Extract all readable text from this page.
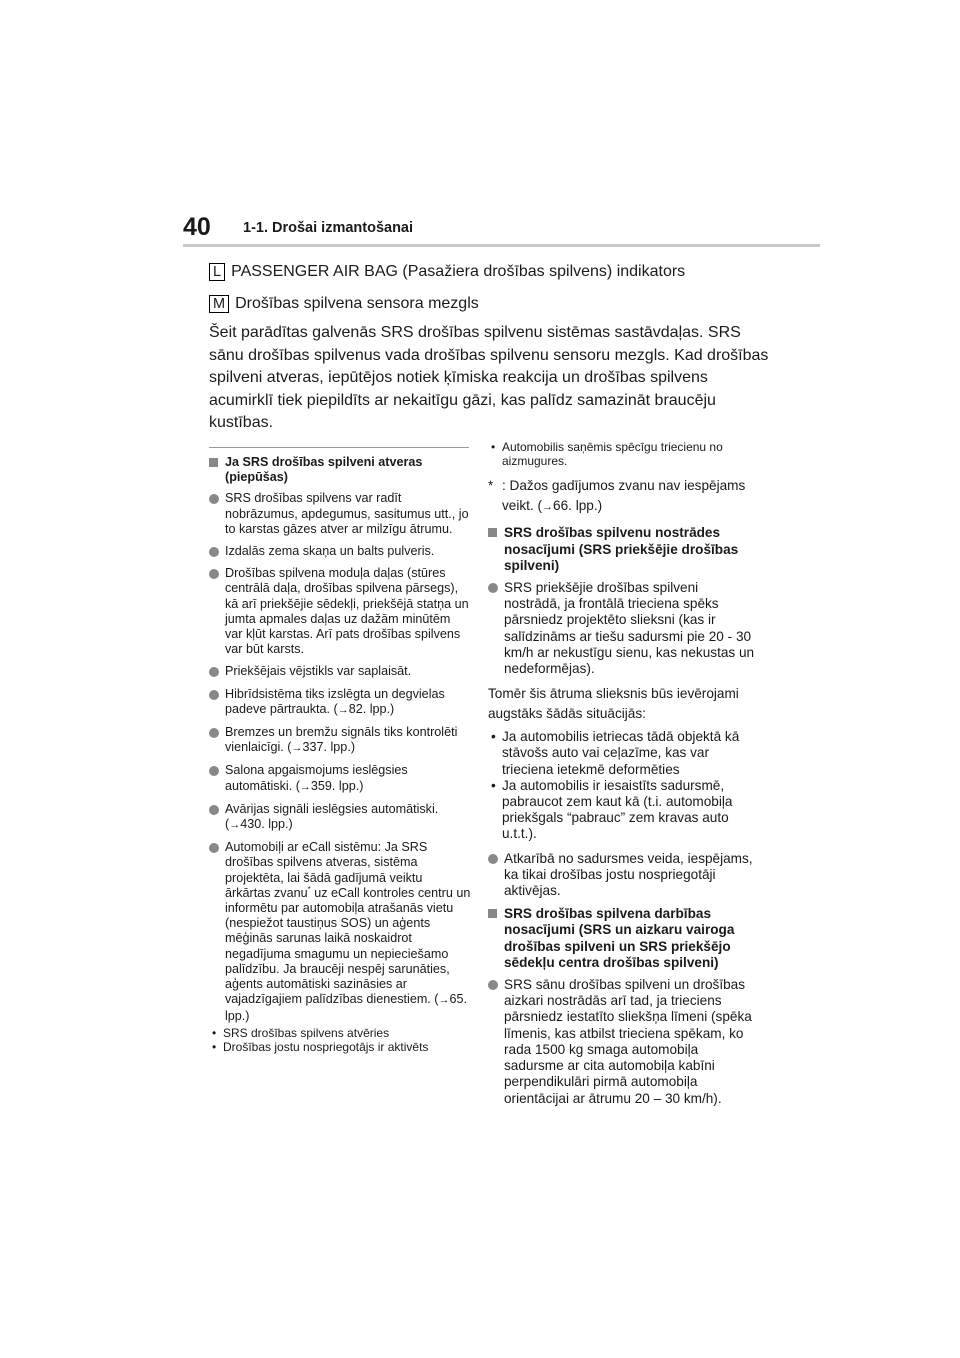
40 1-1. Drošai izmantošanai
L PASSENGER AIR BAG (Pasažiera drošības spilvens) indikators
M Drošības spilvena sensora mezgls
Šeit parādītas galvenās SRS drošības spilvenu sistēmas sastāvdaļas. SRS sānu drošības spilvenus vada drošības spilvenu sensoru mezgls. Kad drošības spilveni atveras, iepūtējos notiek ķīmiska reakcija un drošības spilvens acumirklī tiek piepildīts ar nekaitīgu gāzi, kas palīdz samazināt braucēju kustības.
Ja SRS drošības spilveni atveras (piepūšas)
SRS drošības spilvens var radīt nobrāzumus, apdegumus, sasitumus utt., jo to karstas gāzes atver ar milzīgu ātrumu.
Izdalās zema skaņa un balts pulveris.
Drošības spilvena moduļa daļas (stūres centrālā daļa, drošības spilvena pārsegs), kā arī priekšējie sēdekļi, priekšējā statņa un jumta apmales daļas uz dažām minūtēm var kļūt karstas. Arī pats drošības spilvens var būt karsts.
Priekšējais vējstikls var saplaisāt.
Hibrīdsistēma tiks izslēgta un degvielas padeve pārtraukta. (→82. lpp.)
Bremzes un bremžu signāls tiks kontrolēti vienlaicīgi. (→337. lpp.)
Salona apgaismojums ieslēgsies automātiski. (→359. lpp.)
Avārijas signāli ieslēgsies automātiski. (→430. lpp.)
Automobiļi ar eCall sistēmu: Ja SRS drošības spilvens atveras, sistēma projektēta, lai šādā gadījumā veiktu ārkārtas zvanu* uz eCall kontroles centru un informētu par automobiļa atrašanās vietu (nespiežot taustiņus SOS) un aģents mēģinās sarunas laikā noskaidrot negadījuma smagumu un nepieciešamo palīdzību. Ja braucēji nespēj sarunāties, aģents automātiski sazināsies ar vajadzīgajiem palīdzības dienestiem. (→65. lpp.)
• SRS drošības spilvens atvēries
• Drošības jostu nospriegotājs ir aktivēts
• Automobilis saņēmis spēcīgu triecienu no aizmugures.
* : Dažos gadījumos zvanu nav iespējams veikt. (→66. lpp.)
SRS drošības spilvenu nostrādes nosacījumi (SRS priekšējie drošības spilveni)
SRS priekšējie drošības spilveni nostrādā, ja frontālā trieciena spēks pārsniedz projektēto slieksni (kas ir salīdzināms ar tiešu sadursmi pie 20 - 30 km/h ar nekustīgu sienu, kas nekustas un nedeformējas).
Tomēr šis ātruma slieksnis būs ievērojami augstāks šādās situācijās:
• Ja automobilis ietriecas tādā objektā kā stāvošs auto vai ceļazīme, kas var trieciena ietekmē deformēties
• Ja automobilis ir iesaistīts sadursmē, pabraucot zem kaut kā (t.i. automobiļa priekšgals “pabrauc” zem kravas auto u.t.t.).
Atkarībā no sadursmes veida, iespējams, ka tikai drošības jostu nospriegotāji aktivējas.
SRS drošības spilvena darbības nosacījumi (SRS un aizkaru vairoga drošības spilveni un SRS priekšējo sēdekļu centra drošības spilveni)
SRS sānu drošības spilveni un drošības aizkari nostrādās arī tad, ja trieciens pārsniedz iestatīto sliekšņa līmeni (spēka līmenis, kas atbilst trieciena spēkam, ko rada 1500 kg smaga automobiļa sadursme ar cita automobiļa kabīni perpendikulāri pirmā automobiļa orientācijai ar ātrumu 20 – 30 km/h).
